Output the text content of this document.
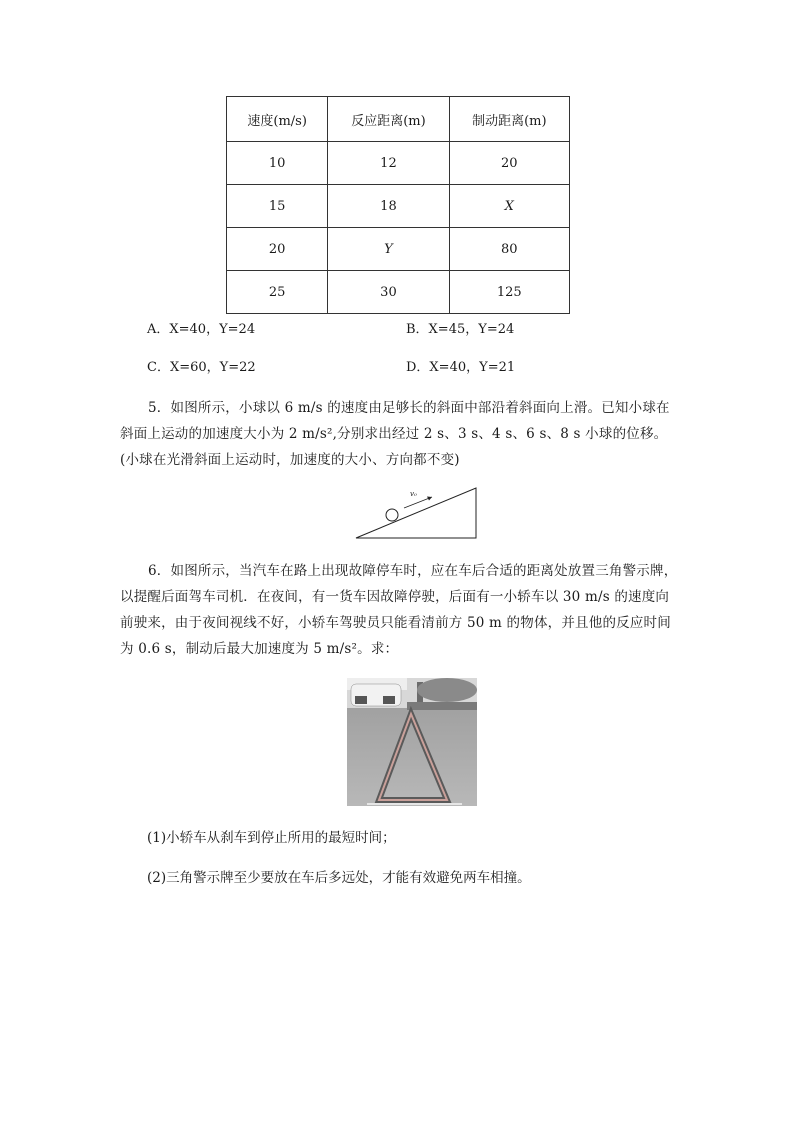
速度(m/s)	反应距离(m)	制动距离(m)
10	12	20
15	18	X
20	Y	80
25	30	125
A．X=40，Y=24	B．X=45，Y=24
C．X=60，Y=22	D．X=40，Y=21
5．如图所示，小球以 6 m/s 的速度由足够长的斜面中部沿着斜面向上滑。已知小球在斜面上运动的加速度大小为 2 m/s²,分别求出经过 2 s、3 s、4 s、6 s、8 s 小球的位移。(小球在光滑斜面上运动时，加速度的大小、方向都不变)
v₀
6．如图所示，当汽车在路上出现故障停车时，应在车后合适的距离处放置三角警示牌，以提醒后面驾车司机．在夜间，有一货车因故障停驶，后面有一小轿车以 30 m/s 的速度向前驶来，由于夜间视线不好，小轿车驾驶员只能看清前方 50 m 的物体，并且他的反应时间为 0.6 s，制动后最大加速度为 5 m/s²。求：
(1)小轿车从刹车到停止所用的最短时间；
(2)三角警示牌至少要放在车后多远处，才能有效避免两车相撞。
